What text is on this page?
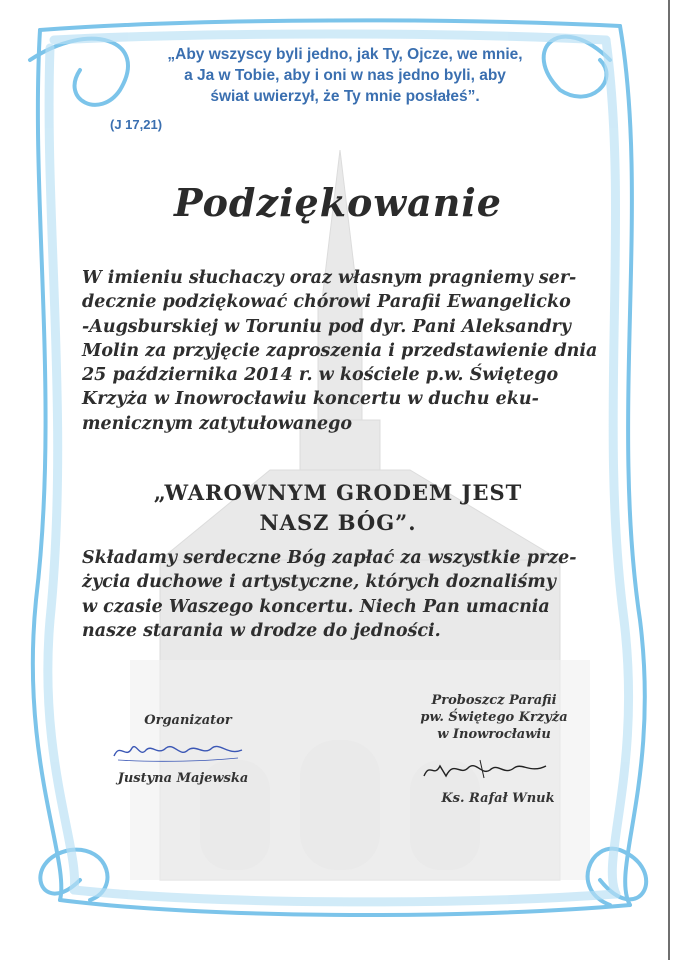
„Aby wszyscy byli jedno, jak Ty, Ojcze, we mnie,
a Ja w Tobie, aby i oni w nas jedno byli, aby
świat uwierzył, że Ty mnie posłałeś”.
(J 17,21)
Podziękowanie
W imieniu słuchaczy oraz własnym pragniemy ser-
decznie podziękować chórowi Parafii Ewangelicko
-Augsburskiej w Toruniu pod dyr. Pani Aleksandry
Molin za przyjęcie zaproszenia i przedstawienie dnia
25 października 2014 r. w kościele p.w. Świętego
Krzyża w Inowrocławiu koncertu w duchu eku-
menicznym zatytułowanego
„WAROWNYM GRODEM JEST
NASZ BÓG”.
Składamy serdeczne Bóg zapłać za wszystkie prze-
życia duchowe i artystyczne, których doznaliśmy
w czasie Waszego koncertu. Niech Pan umacnia
nasze starania w drodze do jedności.
Organizator
Justyna Majewska
Proboszcz Parafii
pw. Świętego Krzyża
w Inowrocławiu
Ks. Rafał Wnuk
